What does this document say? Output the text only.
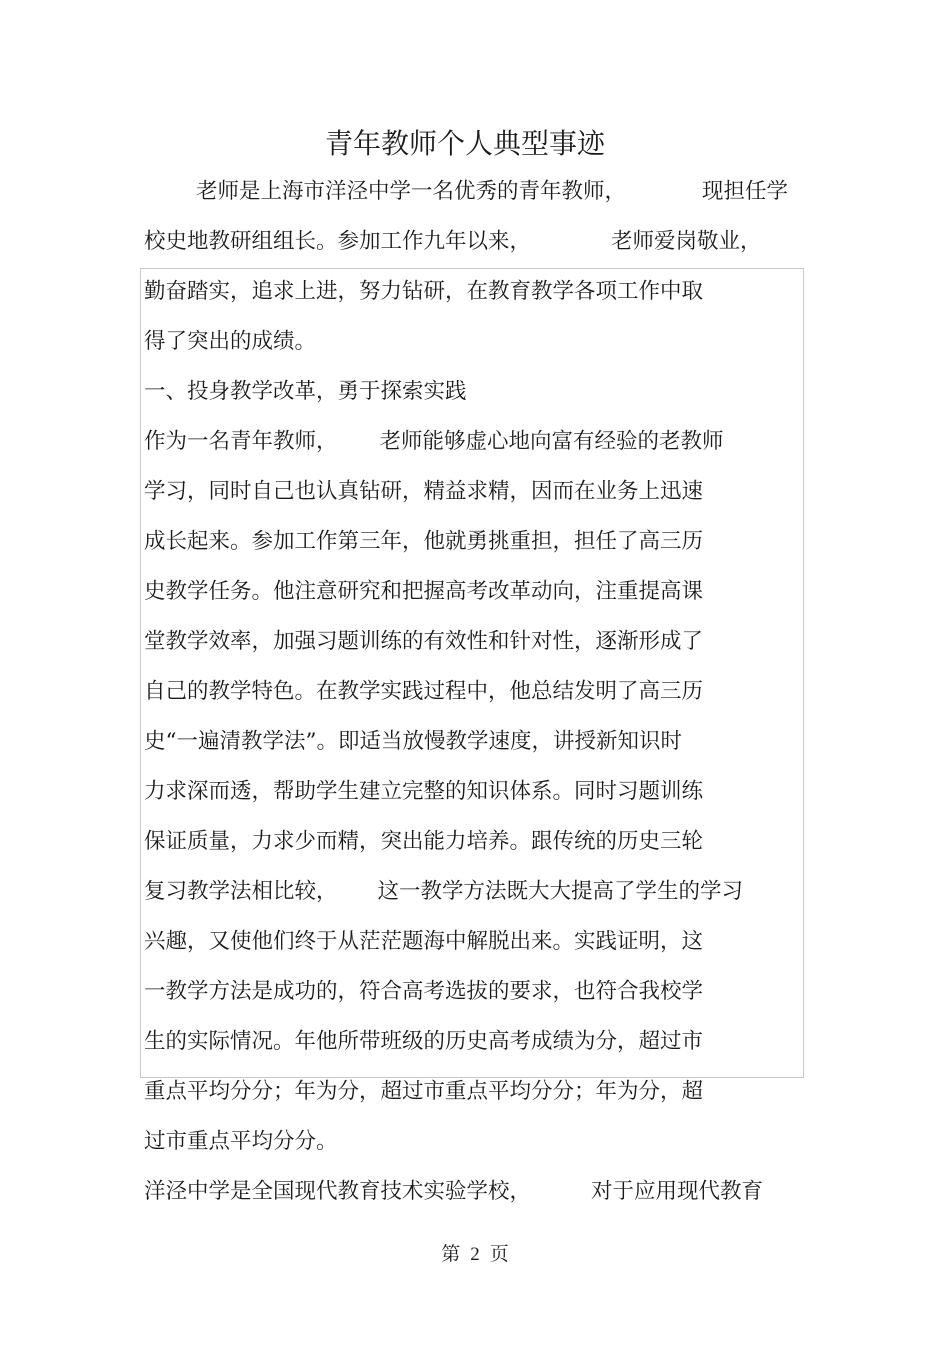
青年教师个人典型事迹
老师是上海市洋泾中学一名优秀的青年教师，	现担任学
校史地教研组组长。参加工作九年以来，	老师爱岗敬业，
勤奋踏实，追求上进，努力钻研，在教育教学各项工作中取
得了突出的成绩。
一、投身教学改革，勇于探索实践
作为一名青年教师， 老师能够虚心地向富有经验的老教师
学习，同时自己也认真钻研，精益求精，因而在业务上迅速
成长起来。参加工作第三年，他就勇挑重担，担任了高三历
史教学任务。他注意研究和把握高考改革动向，注重提高课
堂教学效率，加强习题训练的有效性和针对性，逐渐形成了
自己的教学特色。在教学实践过程中，他总结发明了高三历
史“一遍清教学法”。即适当放慢教学速度，讲授新知识时
力求深而透，帮助学生建立完整的知识体系。同时习题训练
保证质量，力求少而精，突出能力培养。跟传统的历史三轮
复习教学法相比较， 这一教学方法既大大提高了学生的学习
兴趣，又使他们终于从茫茫题海中解脱出来。实践证明，这
一教学方法是成功的，符合高考选拔的要求，也符合我校学
生的实际情况。年他所带班级的历史高考成绩为分，超过市
重点平均分分；年为分，超过市重点平均分分；年为分，超
过市重点平均分分。
洋泾中学是全国现代教育技术实验学校，	对于应用现代教育
第 2 页
